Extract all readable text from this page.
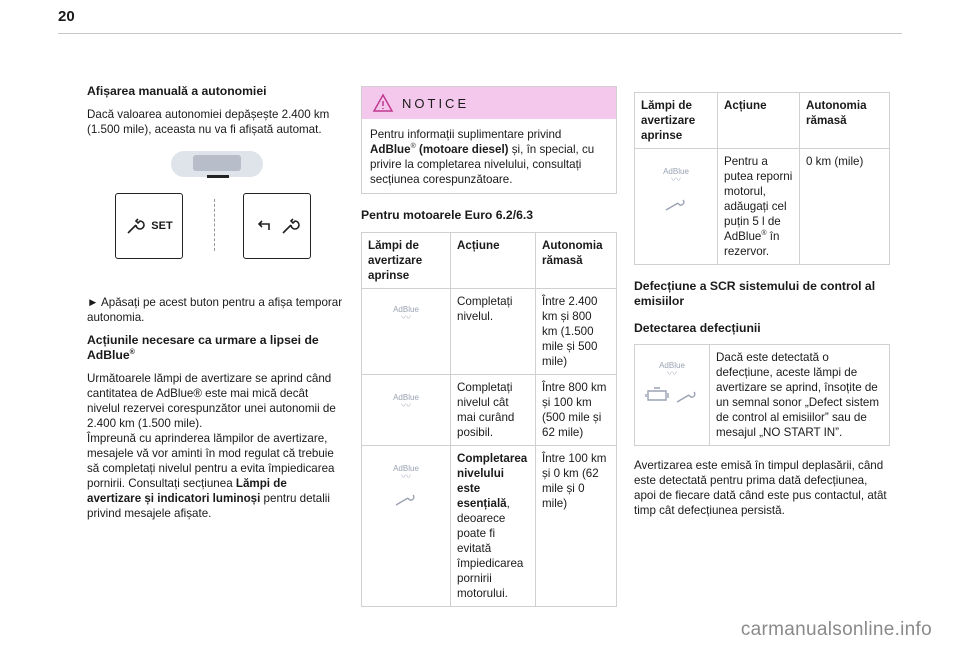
20
Afișarea manuală a autonomiei

Dacă valoarea autonomiei depășește 2.400 km (1.500 mile), aceasta nu va fi afișată automat.

SET

► Apăsați pe acest buton pentru a afișa temporar autonomia.

Acțiunile necesare ca urmare a lipsei de AdBlue®

Următoarele lămpi de avertizare se aprind când cantitatea de AdBlue® este mai mică decât nivelul rezervei corespunzător unei autonomii de 2.400 km (1.500 mile).

Împreună cu aprinderea lămpilor de avertizare, mesajele vă vor aminti în mod regulat că trebuie să completați nivelul pentru a evita împiedicarea pornirii. Consultați secțiunea Lămpi de avertizare și indicatori luminoși pentru detalii privind mesajele afișate.

NOTICE
Pentru informații suplimentare privind AdBlue® (motoare diesel) și, în special, cu privire la completarea nivelului, consultați secțiunea corespunzătoare.
Pentru motoarele Euro 6.2/6.3
Lămpi de avertizare aprinse	Acțiune	Autonomia rămasă

AdBlue
〰	Completați nivelul.	Între 2.400 km și 800 km (1.500 mile și 500 mile)

AdBlue
〰	Completați nivelul cât mai curând posibil.	Între 800 km și 100 km (500 mile și 62 mile)

AdBlue
〰	Completarea nivelului este esențială, deoarece poate fi evitată împiedicarea pornirii motorului.	Între 100 km și 0 km (62 mile și 0 mile)
Lămpi de avertizare aprinse	Acțiune	Autonomia rămasă

AdBlue
〰	Pentru a putea reporni motorul, adăugați cel puțin 5 l de AdBlue® în rezervor.	0 km (mile)
Defecțiune a SCR sistemului de control al emisiilor
Detectarea defecțiunii
AdBlue
〰
	Dacă este detectată o defecțiune, aceste lămpi de avertizare se aprind, însoțite de un semnal sonor „Defect sistem de control al emisiilor” sau de mesajul „NO START IN”.

Avertizarea este emisă în timpul deplasării, când este detectată pentru prima dată defecțiunea, apoi de fiecare dată când este pus contactul, atât timp cât defecțiunea persistă.

carmanualsonline.info
